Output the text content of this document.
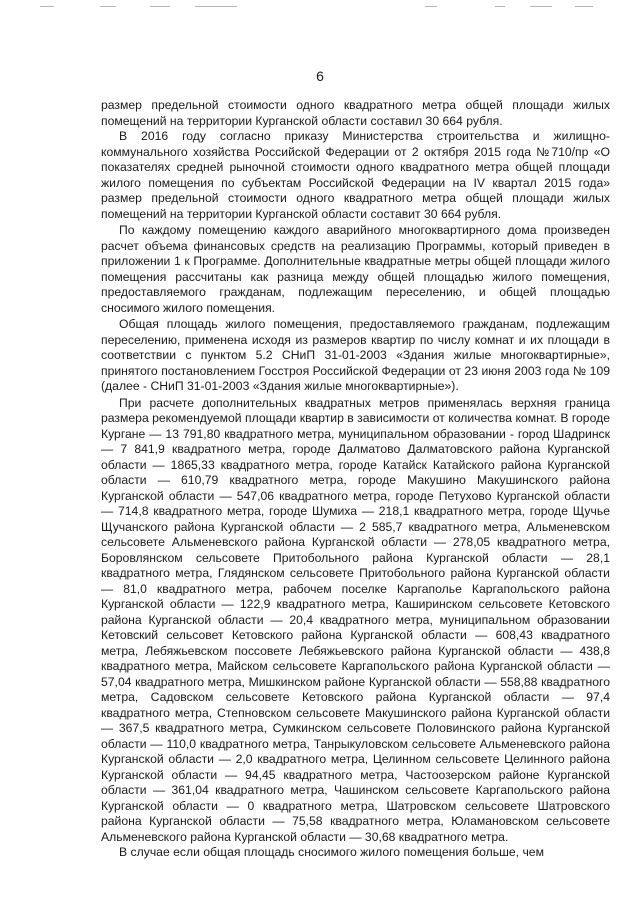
6

размер предельной стоимости одного квадратного метра общей площади жилых помещений на территории Курганской области составил 30 664 рубля.

В 2016 году согласно приказу Министерства строительства и жилищно-коммунального хозяйства Российской Федерации от 2 октября 2015 года №710/пр «О показателях средней рыночной стоимости одного квадратного метра общей площади жилого помещения по субъектам Российской Федерации на IV квартал 2015 года» размер предельной стоимости одного квадратного метра общей площади жилых помещений на территории Курганской области составит 30 664 рубля.

По каждому помещению каждого аварийного многоквартирного дома произведен расчет объема финансовых средств на реализацию Программы, который приведен в приложении 1 к Программе. Дополнительные квадратные метры общей площади жилого помещения рассчитаны как разница между общей площадью жилого помещения, предоставляемого гражданам, подлежащим переселению, и общей площадью сносимого жилого помещения.

Общая площадь жилого помещения, предоставляемого гражданам, подлежащим переселению, применена исходя из размеров квартир по числу комнат и их площади в соответствии с пунктом 5.2 СНиП 31-01-2003 «Здания жилые многоквартирные», принятого постановлением Госстроя Российской Федерации от 23 июня 2003 года № 109 (далее - СНиП 31-01-2003 «Здания жилые многоквартирные»).

При расчете дополнительных квадратных метров применялась верхняя граница размера рекомендуемой площади квартир в зависимости от количества комнат. В городе Кургане — 13 791,80 квадратного метра, муниципальном образовании - город Шадринск — 7 841,9 квадратного метра, городе Далматово Далматовского района Курганской области — 1865,33 квадратного метра, городе Катайск Катайского района Курганской области — 610,79 квадратного метра, городе Макушино Макушинского района Курганской области — 547,06 квадратного метра, городе Петухово Курганской области — 714,8 квадратного метра, городе Шумиха — 218,1 квадратного метра, городе Щучье Щучанского района Курганской области — 2 585,7 квадратного метра, Альменевском сельсовете Альменевского района Курганской области — 278,05 квадратного метра, Боровлянском сельсовете Притобольного района Курганской области — 28,1 квадратного метра, Глядянском сельсовете Притобольного района Курганской области — 81,0 квадратного метра, рабочем поселке Каргаполье Каргапольского района Курганской области — 122,9 квадратного метра, Каширинском сельсовете Кетовского района Курганской области — 20,4 квадратного метра, муниципальном образовании Кетовский сельсовет Кетовского района Курганской области — 608,43 квадратного метра, Лебяжьевском поссовете Лебяжьевского района Курганской области — 438,8 квадратного метра, Майском сельсовете Каргапольского района Курганской области — 57,04 квадратного метра, Мишкинском районе Курганской области — 558,88 квадратного метра, Садовском сельсовете Кетовского района Курганской области — 97,4 квадратного метра, Степновском сельсовете Макушинского района Курганской области — 367,5 квадратного метра, Сумкинском сельсовете Половинского района Курганской области — 110,0 квадратного метра, Танрыкуловском сельсовете Альменевского района Курганской области — 2,0 квадратного метра, Целинном сельсовете Целинного района Курганской области — 94,45 квадратного метра, Частоозерском районе Курганской области — 361,04 квадратного метра, Чашинском сельсовете Каргапольского района Курганской области — 0 квадратного метра, Шатровском сельсовете Шатровского района Курганской области — 75,58 квадратного метра, Юламановском сельсовете Альменевского района Курганской области — 30,68 квадратного метра.

В случае если общая площадь сносимого жилого помещения больше, чем
